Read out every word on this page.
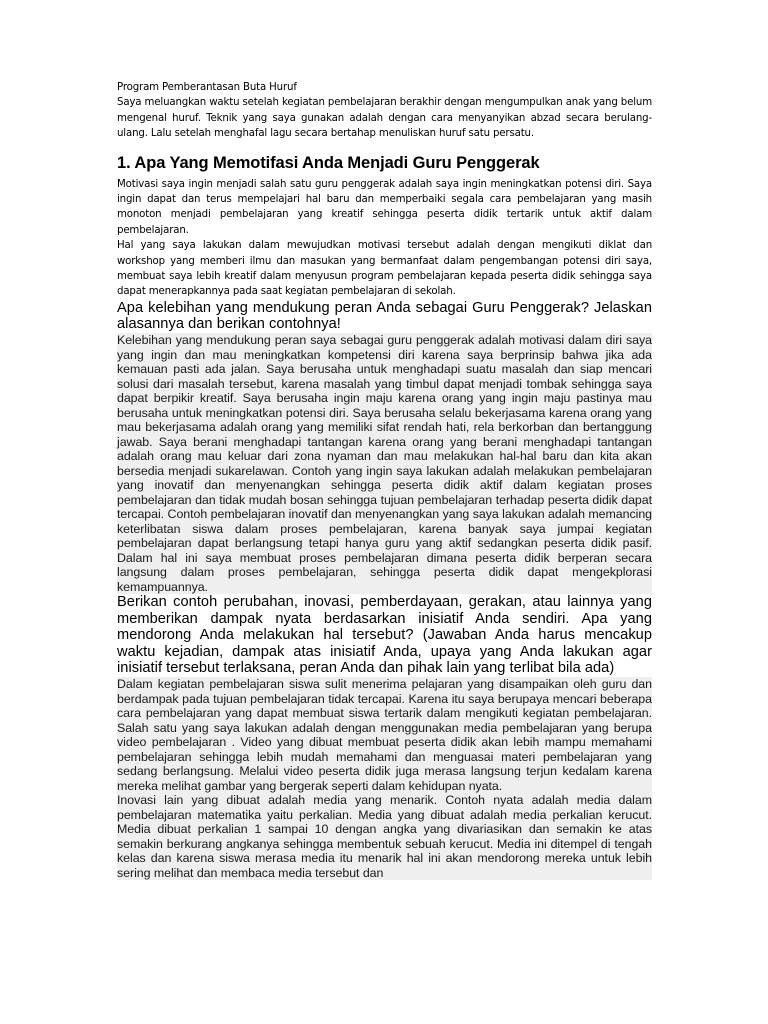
Program Pemberantasan Buta Huruf

Saya meluangkan waktu setelah kegiatan pembelajaran berakhir dengan mengumpulkan anak yang belum mengenal huruf. Teknik yang saya gunakan adalah dengan cara menyanyikan abzad secara berulang-ulang. Lalu setelah menghafal lagu secara bertahap menuliskan huruf satu persatu.

1. Apa Yang Memotifasi Anda Menjadi Guru Penggerak

Motivasi saya ingin menjadi salah satu guru penggerak adalah saya ingin meningkatkan potensi diri. Saya ingin dapat dan terus mempelajari hal baru dan memperbaiki segala cara pembelajaran yang masih monoton menjadi pembelajaran yang kreatif sehingga peserta didik tertarik untuk aktif dalam pembelajaran.

Hal yang saya lakukan dalam mewujudkan motivasi tersebut adalah dengan mengikuti diklat dan workshop yang memberi ilmu dan masukan yang bermanfaat dalam pengembangan potensi diri saya, membuat saya lebih kreatif dalam menyusun program pembelajaran kepada peserta didik sehingga saya dapat menerapkannya pada saat kegiatan pembelajaran di sekolah.

Apa kelebihan yang mendukung peran Anda sebagai Guru Penggerak? Jelaskan alasannya dan berikan contohnya!

Kelebihan yang mendukung peran saya sebagai guru penggerak adalah motivasi dalam diri saya yang ingin dan mau meningkatkan kompetensi diri karena saya berprinsip bahwa jika ada kemauan pasti ada jalan. Saya berusaha untuk menghadapi suatu masalah dan siap mencari solusi dari masalah tersebut, karena masalah yang timbul dapat menjadi tombak sehingga saya dapat berpikir kreatif. Saya berusaha ingin maju karena orang yang ingin maju pastinya mau berusaha untuk meningkatkan potensi diri. Saya berusaha selalu bekerjasama karena orang yang mau bekerjasama adalah orang yang memiliki sifat rendah hati, rela berkorban dan bertanggung jawab. Saya berani menghadapi tantangan karena orang yang berani menghadapi tantangan adalah orang mau keluar dari zona nyaman dan mau melakukan hal-hal baru dan kita akan bersedia menjadi sukarelawan. Contoh yang ingin saya lakukan adalah melakukan pembelajaran yang inovatif dan menyenangkan sehingga peserta didik aktif dalam kegiatan proses pembelajaran dan tidak mudah bosan sehingga tujuan pembelajaran terhadap peserta didik dapat tercapai. Contoh pembelajaran inovatif dan menyenangkan yang saya lakukan adalah memancing keterlibatan siswa dalam proses pembelajaran, karena banyak saya jumpai kegiatan pembelajaran dapat berlangsung tetapi hanya guru yang aktif sedangkan peserta didik pasif. Dalam hal ini saya membuat proses pembelajaran dimana peserta didik berperan secara langsung dalam proses pembelajaran, sehingga peserta didik dapat mengekplorasi kemampuannya.

Berikan contoh perubahan, inovasi, pemberdayaan, gerakan, atau lainnya yang memberikan dampak nyata berdasarkan inisiatif Anda sendiri. Apa yang mendorong Anda melakukan hal tersebut? (Jawaban Anda harus mencakup waktu kejadian, dampak atas inisiatif Anda, upaya yang Anda lakukan agar inisiatif tersebut terlaksana, peran Anda dan pihak lain yang terlibat bila ada)

Dalam kegiatan pembelajaran siswa sulit menerima pelajaran yang disampaikan oleh guru dan berdampak pada tujuan pembelajaran tidak tercapai. Karena itu saya berupaya mencari beberapa cara pembelajaran yang dapat membuat siswa tertarik dalam mengikuti kegiatan pembelajaran. Salah satu yang saya lakukan adalah dengan menggunakan media pembelajaran yang berupa video pembelajaran . Video yang dibuat membuat peserta didik akan lebih mampu memahami pembelajaran sehingga lebih mudah memahami dan menguasai materi pembelajaran yang sedang berlangsung. Melalui video peserta didik juga merasa langsung terjun kedalam karena mereka melihat gambar yang bergerak seperti dalam kehidupan nyata.

Inovasi lain yang dibuat adalah media yang menarik. Contoh nyata adalah media dalam pembelajaran matematika yaitu perkalian. Media yang dibuat adalah media perkalian kerucut. Media dibuat perkalian 1 sampai 10 dengan angka yang divariasikan dan semakin ke atas semakin berkurang angkanya sehingga membentuk sebuah kerucut. Media ini ditempel di tengah kelas dan karena siswa merasa media itu menarik hal ini akan mendorong mereka untuk lebih sering melihat dan membaca media tersebut dan
